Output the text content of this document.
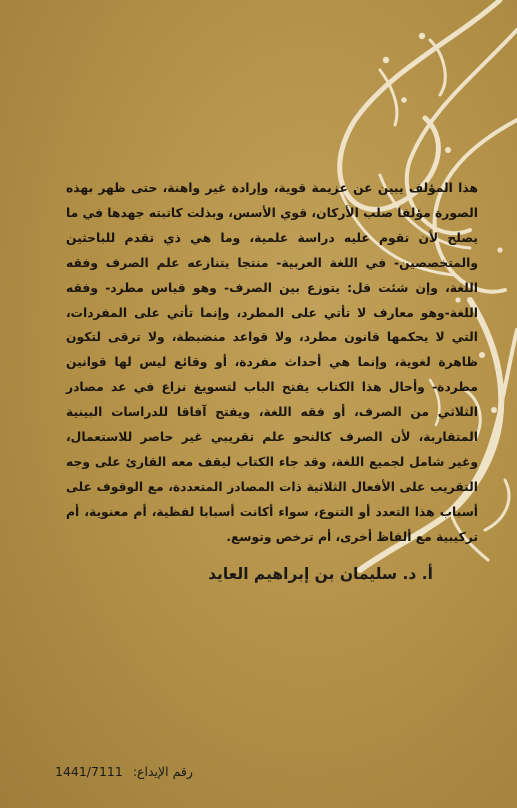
هذا المؤلف يبين عن عزيمة قوية، وإرادة غير واهنة، حتى ظهر بهذه الصورة مؤلفا صلب الأركان، قوي الأسس، وبذلت كاتبته جهدها في ما يصلح لأن تقوم عليه دراسة علمية، وما هي ذي تقدم للباحثين والمتخصصين- في اللغة العربية- منتجا يتنازعه علم الصرف وفقه اللغة، وإن شئت قل: يتوزع بين الصرف- وهو قياس مطرد- وفقه اللغة-وهو معارف لا تأتي على المطرد، وإنما تأتي على المفردات، التي لا يحكمها قانون مطرد، ولا قواعد منضبطة، ولا ترقى لتكون ظاهرة لغوية، وإنما هي أحداث مفردة، أو وقائع ليس لها قوانين مطردة- وأحال هذا الكتاب يفتح الباب لتسويغ نزاع في عد مصادر الثلاثي من الصرف، أو فقه اللغة، ويفتح آفاقا للدراسات البينية المتقاربة، لأن الصرف كالنحو علم تقريبي غير حاصر للاستعمال، وغير شامل لجميع اللغة، وقد جاء الكتاب ليقف معه القارئ على وجه التقريب على الأفعال الثلاثية ذات المصادر المتعددة، مع الوقوف على أسباب هذا التعدد أو التنوع، سواء أكانت أسبابا لفظية، أم معنوية، أم تركيبية مع ألفاظ أخرى، أم ترخص وتوسع.

أ. د. سليمان بن إبراهيم العايد
رقم الإيداع: 1441/7111
